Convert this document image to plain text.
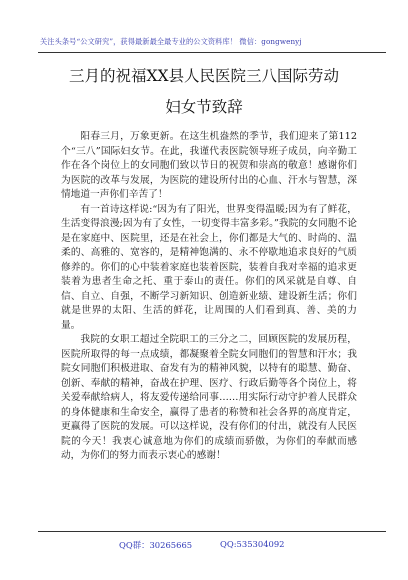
关注头条号“公文研究”，获得最新最全最专业的公文资料库！ 微信：gongwenyj
三月的祝福XX县人民医院三八国际劳动
妇女节致辞

阳春三月，万象更新。在这生机盎然的季节，我们迎来了第112个“三八”国际妇女节。在此，我谨代表医院领导班子成员，向辛勤工作在各个岗位上的女同胞们致以节日的祝贺和崇高的敬意！感谢你们为医院的改革与发展，为医院的建设所付出的心血、汗水与智慧，深情地道一声你们辛苦了！

有一首诗这样说:“因为有了阳光，世界变得温暖;因为有了鲜花，生活变得浪漫;因为有了女性，一切变得丰富多彩。”我院的女同胞不论是在家庭中、医院里，还是在社会上，你们都是大气的、时尚的、温柔的、高雅的、宽容的，是精神饱满的、永不停歇地追求良好的气质修养的。你们的心中装着家庭也装着医院，装着自我对幸福的追求更装着为患者生命之托、重于泰山的责任。你们的风采就是自尊、自信、自立、自强，不断学习新知识、创造新业绩、建设新生活；你们就是世界的太阳、生活的鲜花，让周围的人们看到真、善、美的力量。

我院的女职工超过全院职工的三分之二，回顾医院的发展历程，医院所取得的每一点成绩，都凝聚着全院女同胞们的智慧和汗水；我院女同胞们积极进取、奋发有为的精神风貌，以特有的聪慧、勤奋、创新、奉献的精神，奋战在护理、医疗、行政后勤等各个岗位上，将关爱奉献给病人，将友爱传递给同事……用实际行动守护着人民群众的身体健康和生命安全，赢得了患者的称赞和社会各界的高度肯定，更赢得了医院的发展。可以这样说，没有你们的付出，就没有人民医院的今天！我衷心诚意地为你们的成绩而骄傲，为你们的奉献而感动，为你们的努力而表示衷心的感谢！

QQ群：30265665	QQ:535304092
